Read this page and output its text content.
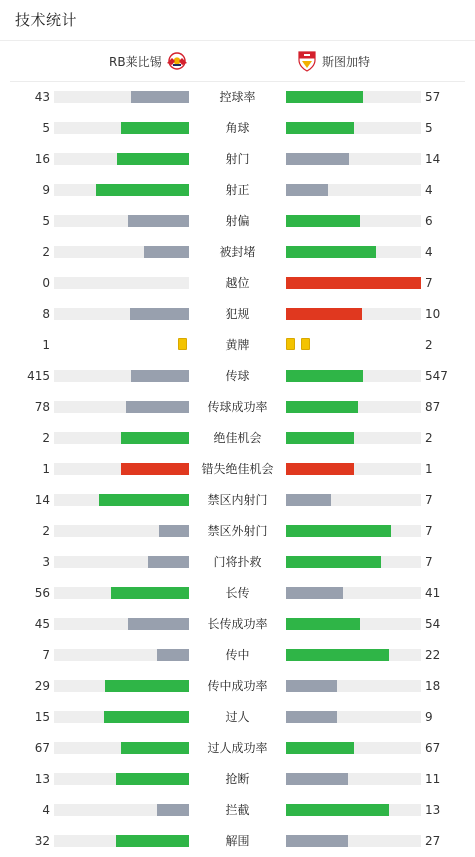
技术统计
RB莱比锡	斯图加特
43	控球率	57
5	角球	5
16	射门	14
9	射正	4
5	射偏	6
2	被封堵	4
0	越位	7
8	犯规	10
1	黄牌	2
415	传球	547
78	传球成功率	87
2	绝佳机会	2
1	错失绝佳机会	1
14	禁区内射门	7
2	禁区外射门	7
3	门将扑救	7
56	长传	41
45	长传成功率	54
7	传中	22
29	传中成功率	18
15	过人	9
67	过人成功率	67
13	抢断	11
4	拦截	13
32	解围	27
